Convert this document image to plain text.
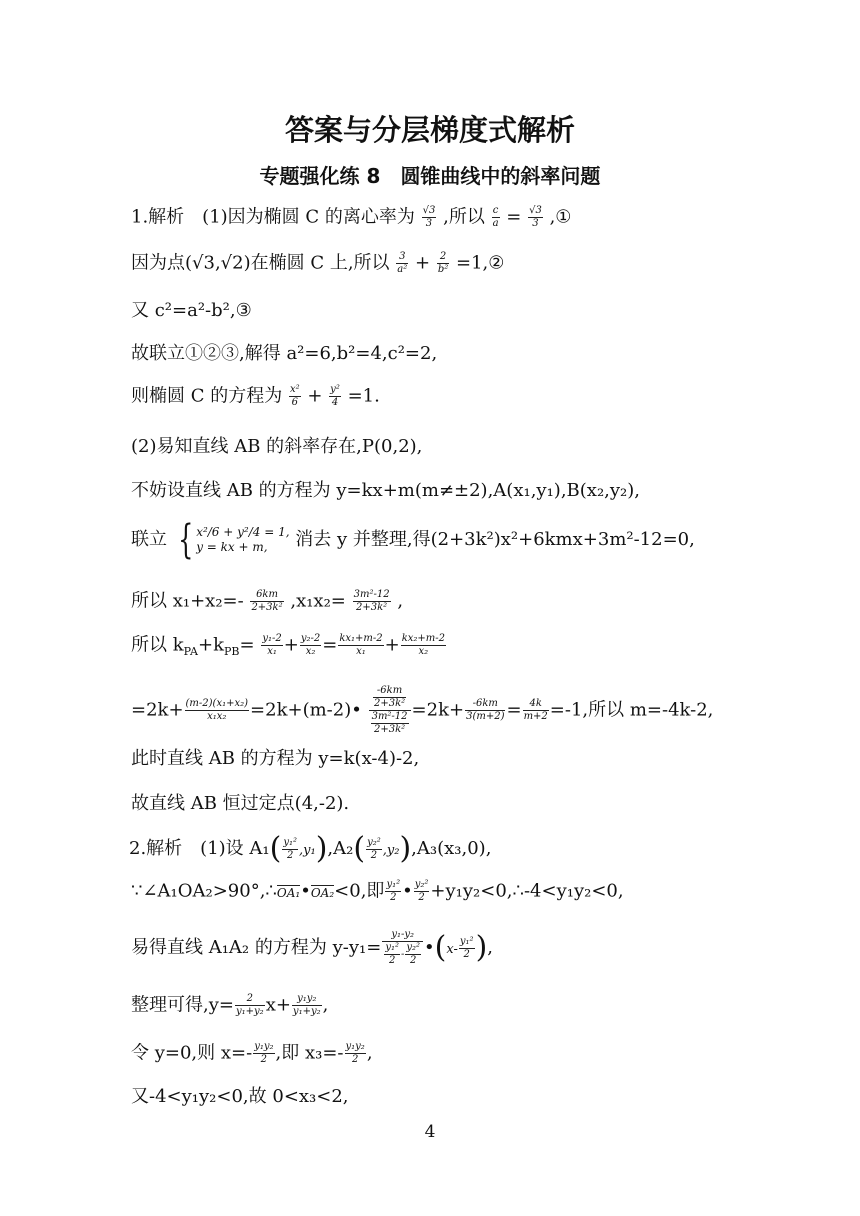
答案与分层梯度式解析
专题强化练 8 圆锥曲线中的斜率问题
1.解析　(1)因为椭圆 C 的离心率为 $\frac{√3}{3}$ ,所以 $\frac{c}{a} = \frac{√3}{3}$ ,①
因为点(√3,√2)在椭圆 C 上,所以 $\frac{3}{\text{a²}} + \frac{2}{\text{b²}}$ =1,②
又 c²=a²-b²,③
故联立①②③,解得 a²=6,b²=4,c²=2,
则椭圆 C 的方程为 $\frac{\text{x²}}{6} + \frac{\text{y²}}{4} =1$.
(2)易知直线 AB 的斜率存在,P(0,2),
不妨设直线 AB 的方程为 y=kx+m(m≠±2),A(x₁,y₁),B(x₂,y₂),
联立 { x²/6 + y²/4 = 1,
y = kx + m,	消去 y 并整理,得(2+3k²)x²+6kmx+3m²-12=0,
所以 $x_1+x_2=- \frac{6km}{\text{2+3k²}} ,x_1x_2= \frac{\text{3m²-12}}{\text{2+3k²}}$ ,
所以 $k_{PA}+k_{PB}= \frac{\text{y₁-2}}{\text{x₁}} + \frac{\text{y₂-2}}{\text{x₂}} = \frac{\text{kx₁+m-2}}{\text{x₁}} + \frac{\text{kx₂+m-2}}{\text{x₂}}$
$=2k+ \frac{\text{(m-2)(x₁+x₂)}}{\text{x₁x₂}}$ =2k+(m-2)• $\frac{\frac{-6km}{\text{2+3k²}}}{\frac{\text{3m²-12}}{\text{2+3k²}}} =2k+ \frac{-6km}{3(m+2)} = \frac{4k}{m+2} =-1$,所以 m=-4k-2,
此时直线 AB 的方程为 y=k(x-4)-2,
故直线 AB 恒过定点(4,-2).
2.解析　(1)设 $A_1( \frac{\text{y₁²}}{2} ,y_1),A_2( \frac{\text{y₂²}}{2} ,y_2),A_3(x_3,0)$,
∵∠A₁OA₂>90°,∴OA₁•OA₂<0,即 $\frac{\text{y₁²}}{2}$ • $\frac{\text{y₂²}}{2}$ +y₁y₂<0,∴-4<y₁y₂<0,
易得直线 A₁A₂ 的方程为 $y-y_1= \frac{\text{y₁-y₂}}{\frac{\text{y₁²}}{2} - \frac{\text{y₂²}}{2}}$ •(x- $\frac{\text{y₁²}}{2}$ ),
整理可得$,y= \frac{2}{\text{y₁+y₂}} x+ \frac{\text{y₁y₂}}{\text{y₁+y₂}}$ ,
令 y=0,则 $x=- \frac{\text{y₁y₂}}{2}$ ,即 $x_3=- \frac{\text{y₁y₂}}{2}$ ,
又-4<y₁y₂<0,故 0<x₃<2,
4
